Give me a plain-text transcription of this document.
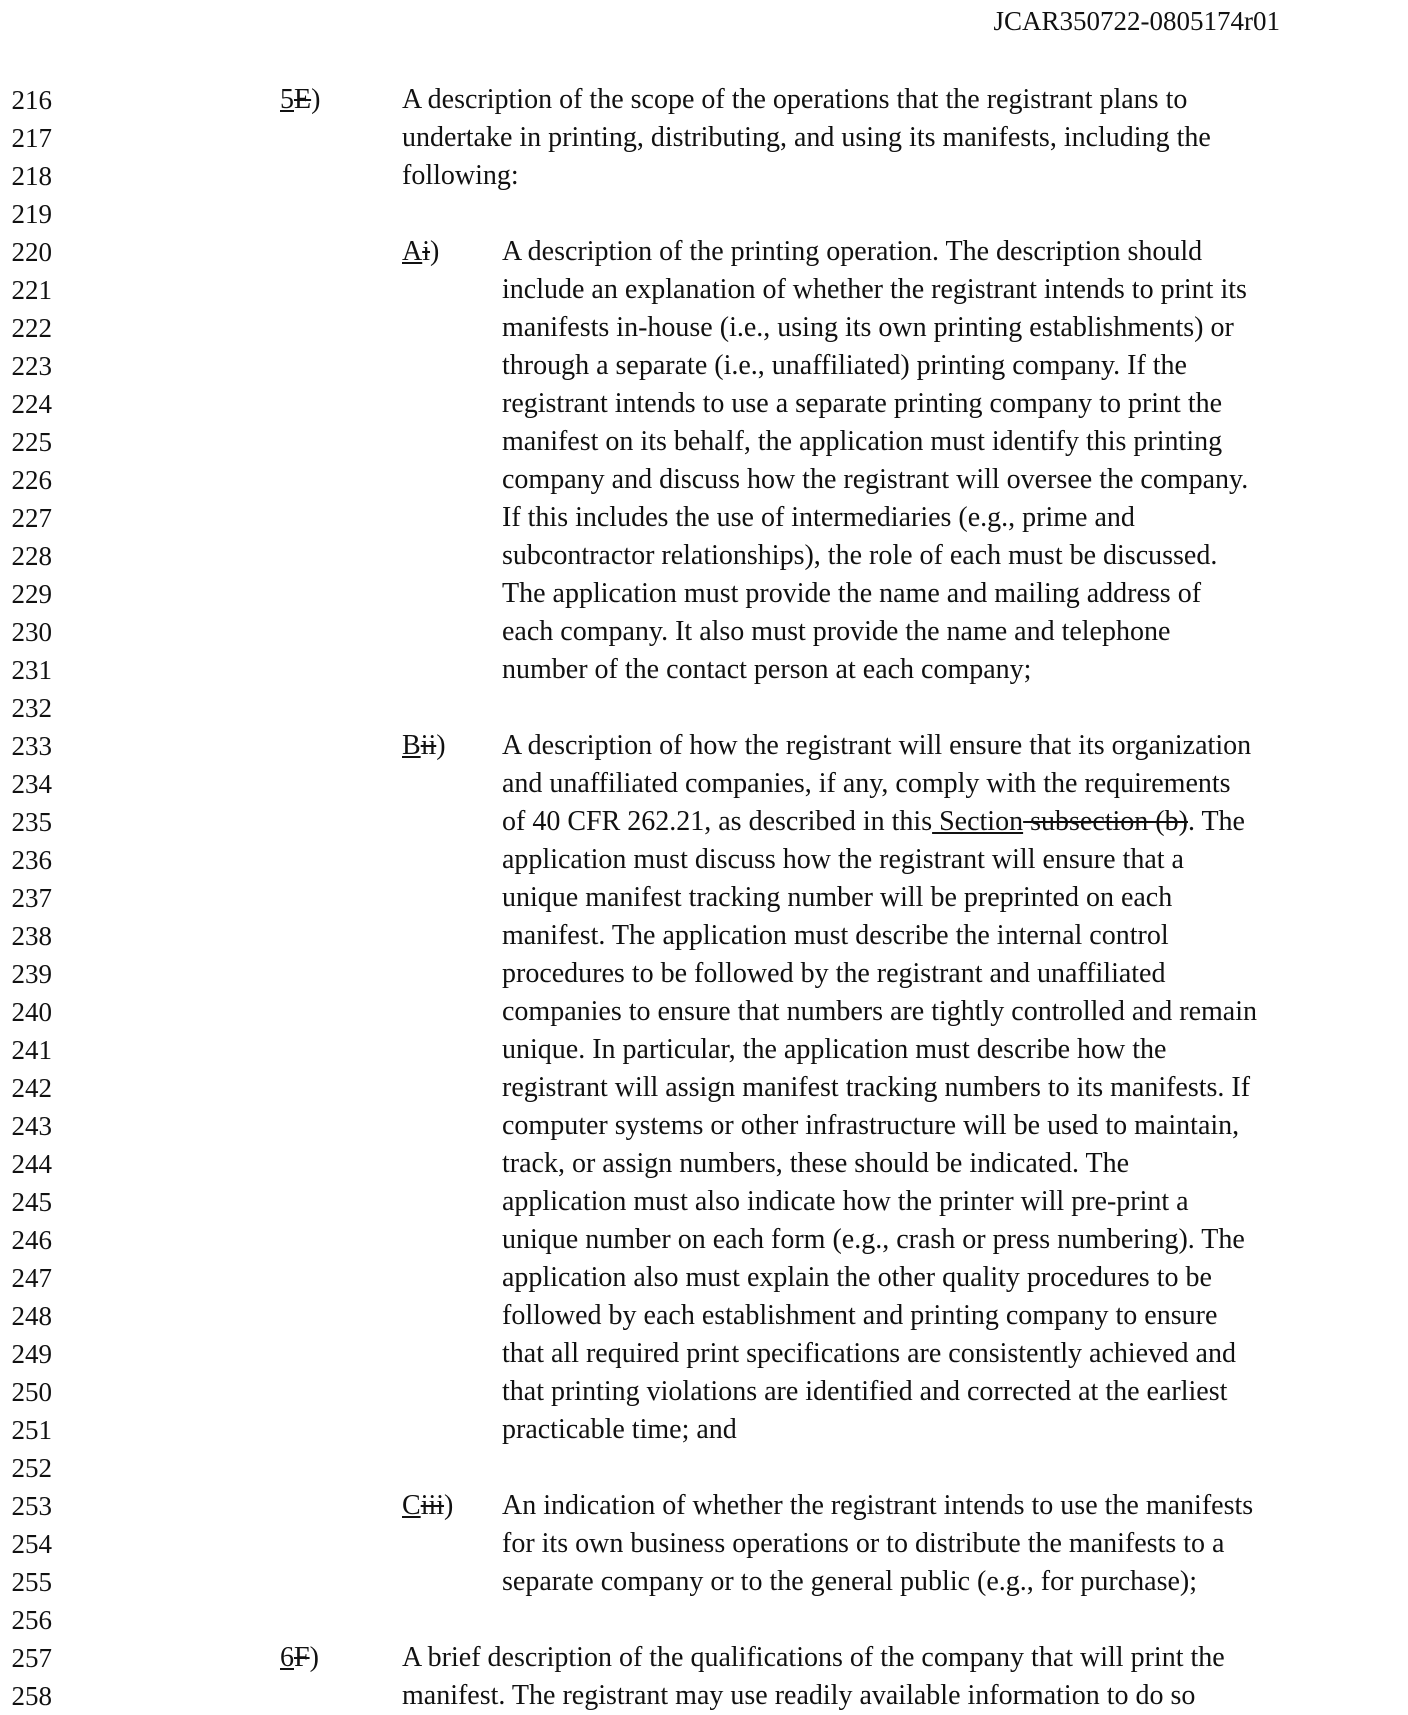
JCAR350722-0805174r01
216
217
218
219
220
221
222
223
224
225
226
227
228
229
230
231
232
233
234
235
236
237
238
239
240
241
242
243
244
245
246
247
248
249
250
251
252
253
254
255
256
257
258
5E)	A description of the scope of the operations that the registrant plans to
undertake in printing, distributing, and using its manifests, including the
following:
Ai) A description of the printing operation. The description should
include an explanation of whether the registrant intends to print its
manifests in-house (i.e., using its own printing establishments) or
through a separate (i.e., unaffiliated) printing company. If the
registrant intends to use a separate printing company to print the
manifest on its behalf, the application must identify this printing
company and discuss how the registrant will oversee the company.
If this includes the use of intermediaries (e.g., prime and
subcontractor relationships), the role of each must be discussed.
The application must provide the name and mailing address of
each company. It also must provide the name and telephone
number of the contact person at each company;
Bii) A description of how the registrant will ensure that its organization
and unaffiliated companies, if any, comply with the requirements
of 40 CFR 262.21, as described in this Section subsection (b). The
application must discuss how the registrant will ensure that a
unique manifest tracking number will be preprinted on each
manifest. The application must describe the internal control
procedures to be followed by the registrant and unaffiliated
companies to ensure that numbers are tightly controlled and remain
unique. In particular, the application must describe how the
registrant will assign manifest tracking numbers to its manifests. If
computer systems or other infrastructure will be used to maintain,
track, or assign numbers, these should be indicated. The
application must also indicate how the printer will pre-print a
unique number on each form (e.g., crash or press numbering). The
application also must explain the other quality procedures to be
followed by each establishment and printing company to ensure
that all required print specifications are consistently achieved and
that printing violations are identified and corrected at the earliest
practicable time; and
Ciii) An indication of whether the registrant intends to use the manifests
for its own business operations or to distribute the manifests to a
separate company or to the general public (e.g., for purchase);
6F)	A brief description of the qualifications of the company that will print the
manifest. The registrant may use readily available information to do so
